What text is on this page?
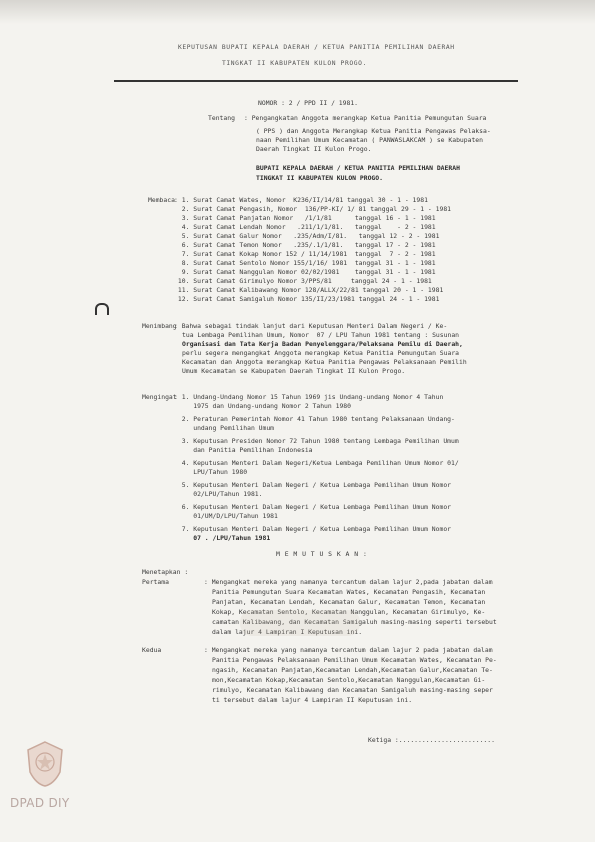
KEPUTUSAN BUPATI KEPALA DAERAH / KETUA PANITIA PEMILIHAN DAERAH
TINGKAT II KABUPATEN KULON PROGO.
NOMOR : 2 / PPD II / 1981.
Tentang : Pengangkatan Anggota merangkap Ketua Panitia Pemungutan Suara
( PPS ) dan Anggota Merangkap Ketua Panitia Pengawas Pelaksa-
naan Pemilihan Umum Kecamatan ( PANWASLAKCAM ) se Kabupaten
Daerah Tingkat II Kulon Progo.
BUPATI KEPALA DAERAH / KETUA PANITIA PEMILIHAN DAERAH
TINGKAT II KABUPATEN KULON PROGO.
Membaca : 1. Surat Camat Wates, Nomor  K236/II/14/81 tanggal 30 - 1 - 1981
2. Surat Camat Pengasih, Nomor  136/PP-KI/ 1/ 81 tanggal 29 - 1 - 1981
3. Surat Camat Panjatan Nomor   /1/1/81      tanggal 16 - 1 - 1981
4. Surat Camat Lendah Nomor   .211/1/1/81.   tanggal    - 2 - 1981
5. Surat Camat Galur Nomor   .235/Adm/I/81.   tanggal 12 - 2 - 1981
6. Surat Camat Temon Nomor   .235/.1/1/81.   tanggal 17 - 2 - 1981
7. Surat Camat Kokap Nomor 152 / 11/14/1981  tanggal  7 - 2 - 1981
8. Surat Camat Sentolo Nomor 155/1/16/ 1981  tanggal 31 - 1 - 1981
9. Surat Camat Nanggulan Nomor 02/02/1981    tanggal 31 - 1 - 1981
10. Surat Camat Girimulyo Nomor 3/PPS/81     tanggal 24 - 1 - 1981
11. Surat Camat Kalibawang Nomor 128/ALLX/22/81 tanggal 20 - 1 - 1981
12. Surat Camat Samigaluh Nomor 135/II/23/1981 tanggal 24 - 1 - 1981
Menimbang
: Bahwa sebagai tindak lanjut dari Keputusan Menteri Dalam Negeri / Ke-
tua Lembaga Pemilihan Umum, Nomor  07 / LPU Tahun 1981 tentang : Susunan
Organisasi dan Tata Kerja Badan Penyelenggara/Pelaksana Pemilu di Daerah,
perlu segera mengangkat Anggota merangkap Ketua Panitia Pemungutan Suara
Kecamatan dan Anggota merangkap Ketua Panitia Pengawas Pelaksanaan Pemilih
Umum Kecamatan se Kabupaten Daerah Tingkat II Kulon Progo.
Mengingat
: 1. Undang-Undang Nomor 15 Tahun 1969 jis Undang-undang Nomor 4 Tahun
1975 dan Undang-undang Nomor 2 Tahun 1980
2. Peraturan Pemerintah Nomor 41 Tahun 1980 tentang Pelaksanaan Undang-
undang Pemilihan Umum
3. Keputusan Presiden Nomor 72 Tahun 1980 tentang Lembaga Pemilihan Umum
dan Panitia Pemilihan Indonesia
4. Keputusan Menteri Dalam Negeri/Ketua Lembaga Pemilihan Umum Nomor 01/
LPU/Tahun 1980
5. Keputusan Menteri Dalam Negeri / Ketua Lembaga Pemilihan Umum Nomor
02/LPU/Tahun 1981.
6. Keputusan Menteri Dalam Negeri / Ketua Lembaga Pemilihan Umum Nomor
01/UM/D/LPU/Tahun 1981
7. Keputusan Menteri Dalam Negeri / Ketua Lembaga Pemilihan Umum Nomor
07 . /LPU/Tahun 1981
M E M U T U S K A N :
Menetapkan :
Pertama	: Mengangkat mereka yang namanya tercantum dalam lajur 2,pada jabatan dalam
Panitia Pemungutan Suara Kecamatan Wates, Kecamatan Pengasih, Kecamatan
Panjatan, Kecamatan Lendah, Kecamatan Galur, Kecamatan Temon, Kecamatan
Kokap, Kecamatan Sentolo, Kecamatan Nanggulan, Kecamatan Girimulyo, Ke-
camatan Kalibawang, dan Kecamatan Samigaluh masing-masing seperti tersebut
dalam lajur 4 Lampiran I Keputusan ini.
Kedua	: Mengangkat mereka yang namanya tercantum dalam lajur 2 pada jabatan dalam
Panitia Pengawas Pelaksanaan Pemilihan Umum Kecamatan Wates, Kecamatan Pe-
ngasih, Kecamatan Panjatan,Kecamatan Lendah,Kecamatan Galur,Kecamatan Te-
mon,Kecamatan Kokap,Kecamatan Sentolo,Kecamatan Nanggulan,Kecamatan Gi-
rimulyo, Kecamatan Kalibawang dan Kecamatan Samigaluh masing-masing seper
ti tersebut dalam lajur 4 Lampiran II Keputusan ini.
Ketiga :.........................
DPAD DIY
